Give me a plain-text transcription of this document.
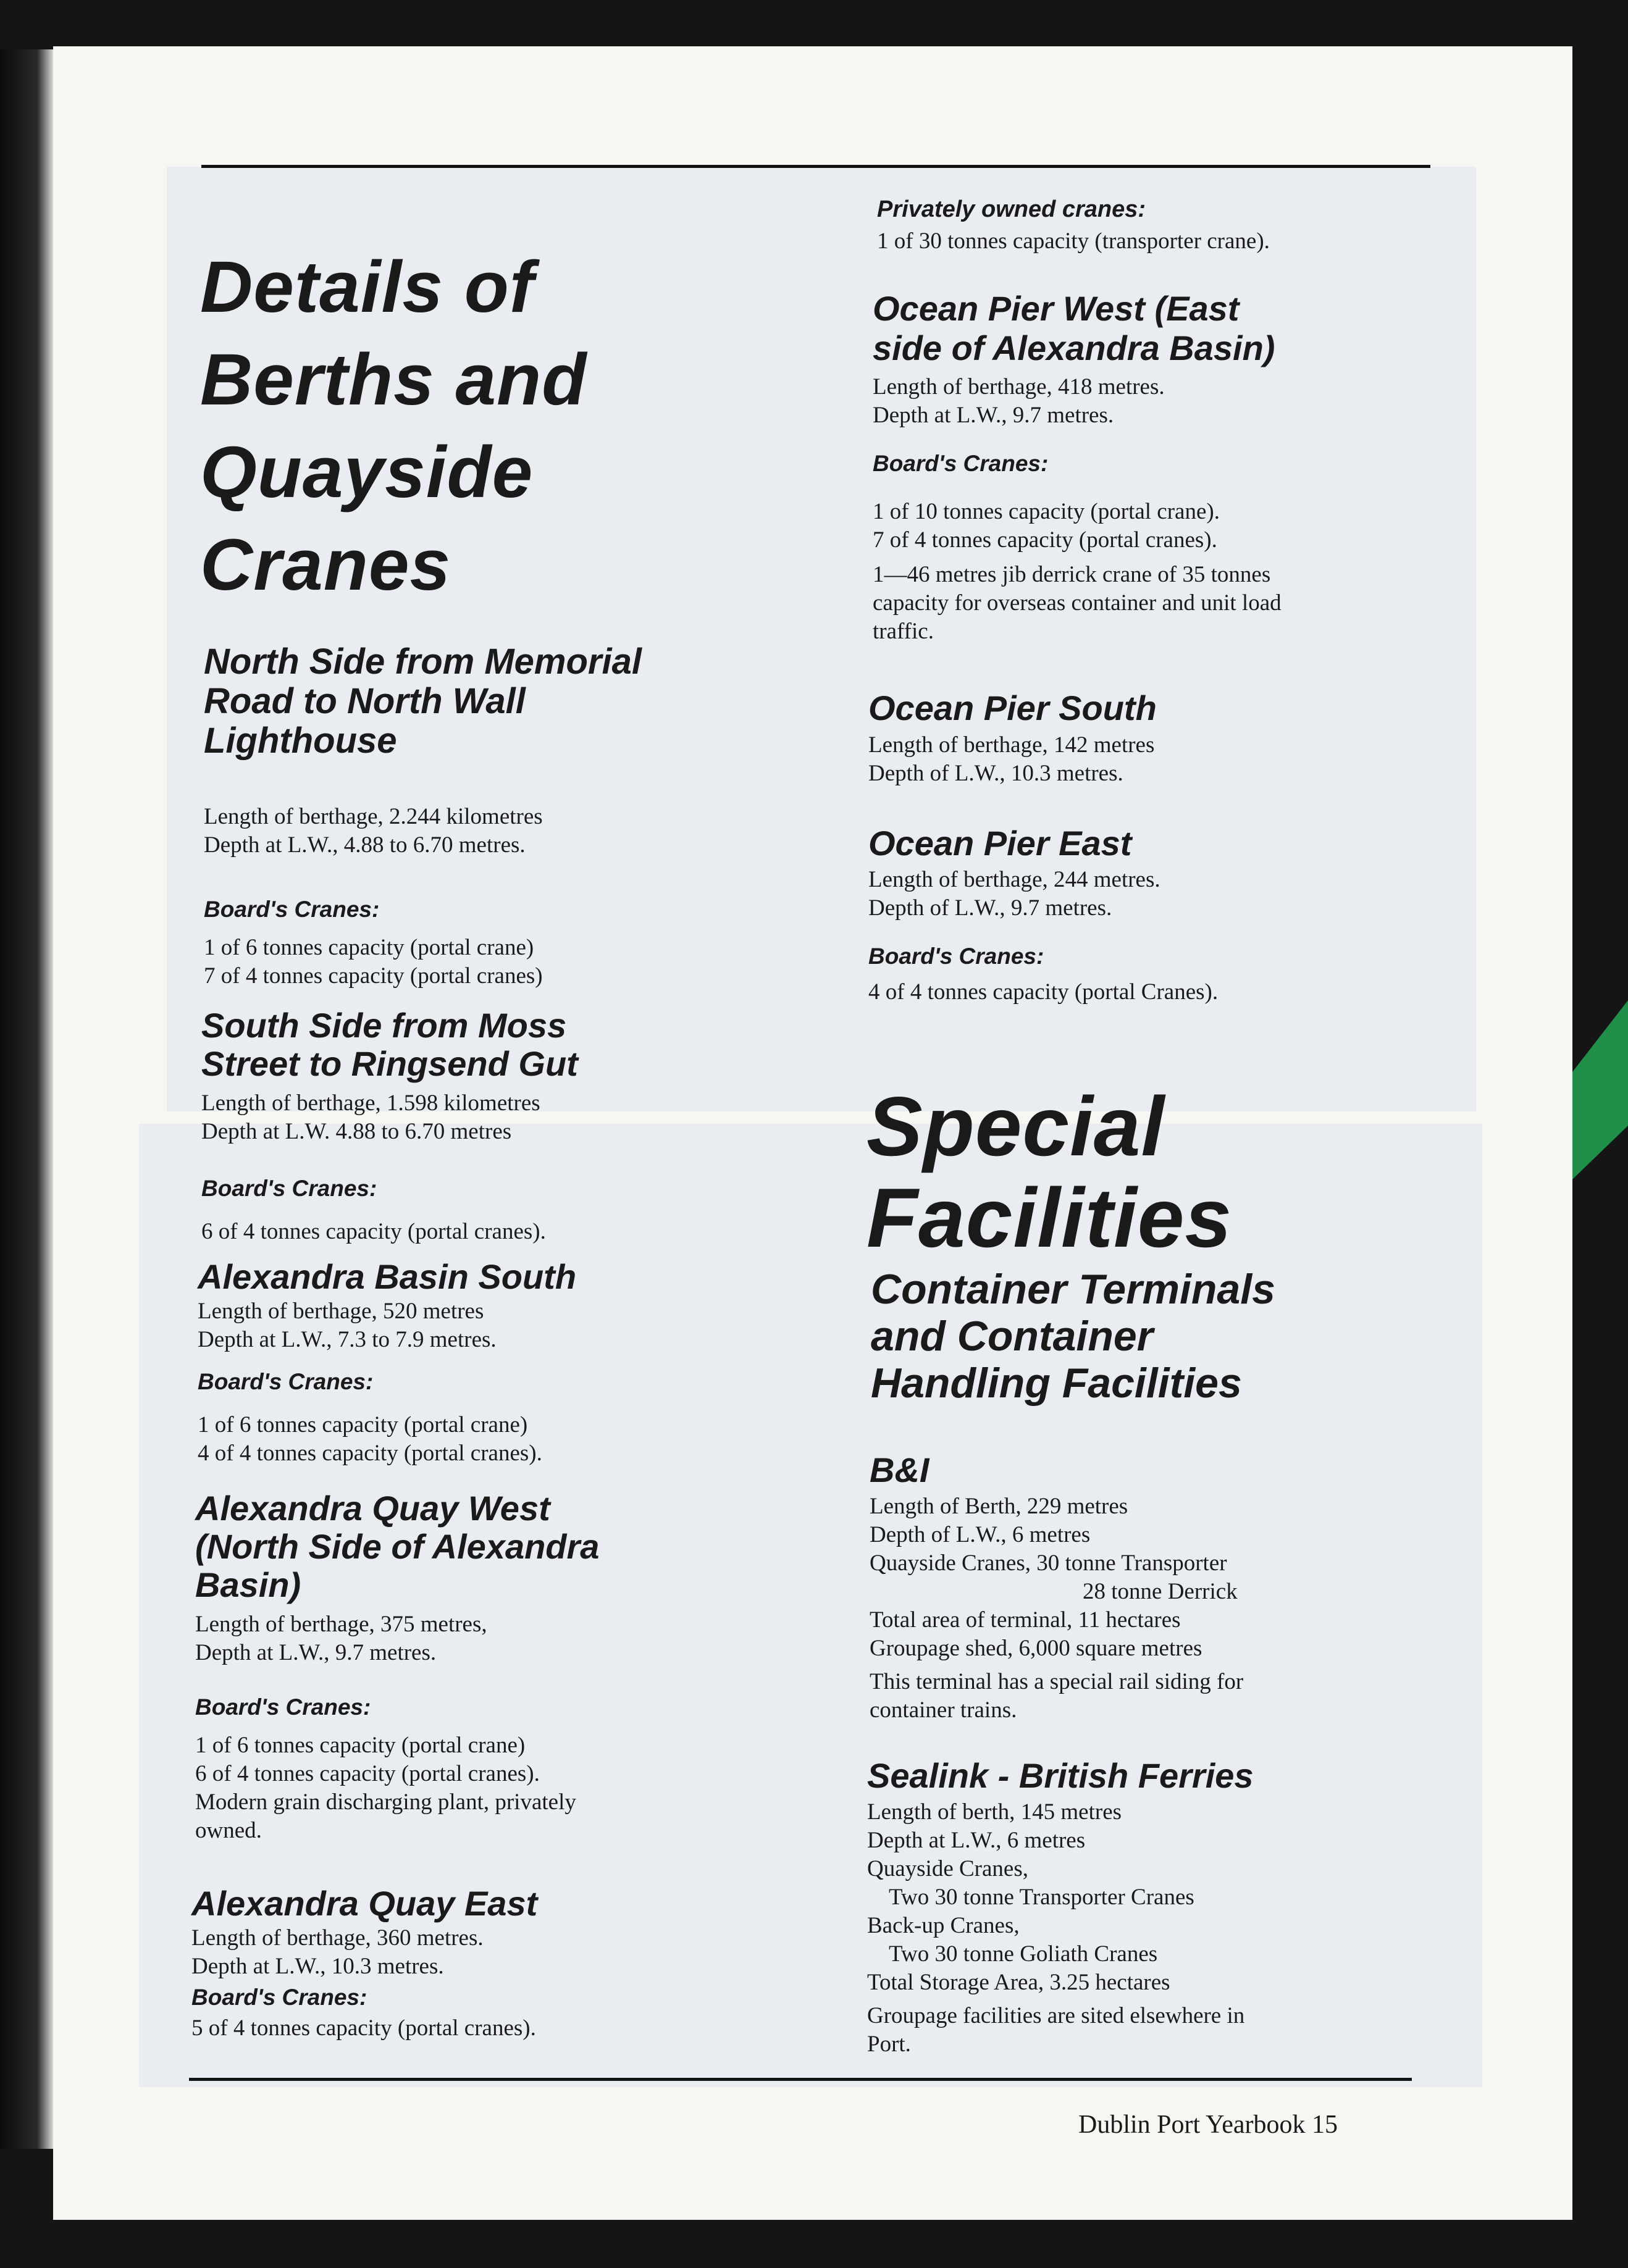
Details of

Berths and

Quayside

Cranes

North Side from Memorial

Road to North Wall

Lighthouse

Length of berthage, 2.244 kilometres

Depth at L.W., 4.88 to 6.70 metres.

Board's Cranes:

1 of 6 tonnes capacity (portal crane)

7 of 4 tonnes capacity (portal cranes)

South Side from Moss

Street to Ringsend Gut

Length of berthage, 1.598 kilometres

Depth at L.W. 4.88 to 6.70 metres

Board's Cranes:

6 of 4 tonnes capacity (portal cranes).

Alexandra Basin South

Length of berthage, 520 metres

Depth at L.W., 7.3 to 7.9 metres.

Board's Cranes:

1 of 6 tonnes capacity (portal crane)

4 of 4 tonnes capacity (portal cranes).

Alexandra Quay West

(North Side of Alexandra

Basin)

Length of berthage, 375 metres,

Depth at L.W., 9.7 metres.

Board's Cranes:

1 of 6 tonnes capacity (portal crane)

6 of 4 tonnes capacity (portal cranes).

Modern grain discharging plant, privately

owned.

Alexandra Quay East

Length of berthage, 360 metres.

Depth at L.W., 10.3 metres.

Board's Cranes:

5 of 4 tonnes capacity (portal cranes).

Privately owned cranes:

1 of 30 tonnes capacity (transporter crane).

Ocean Pier West (East

side of Alexandra Basin)

Length of berthage, 418 metres.

Depth at L.W., 9.7 metres.

Board's Cranes:

1 of 10 tonnes capacity (portal crane).

7 of 4 tonnes capacity (portal cranes).

1—46 metres jib derrick crane of 35 tonnes

capacity for overseas container and unit load

traffic.

Ocean Pier South

Length of berthage, 142 metres

Depth of L.W., 10.3 metres.

Ocean Pier East

Length of berthage, 244 metres.

Depth of L.W., 9.7 metres.

Board's Cranes:

4 of 4 tonnes capacity (portal Cranes).

Special

Facilities

Container Terminals

and Container

Handling Facilities

B&I

Length of Berth, 229 metres

Depth of L.W., 6 metres

Quayside Cranes, 30 tonne Transporter

28 tonne Derrick

Total area of terminal, 11 hectares

Groupage shed, 6,000 square metres

This terminal has a special rail siding for

container trains.

Sealink - British Ferries

Length of berth, 145 metres

Depth at L.W., 6 metres

Quayside Cranes,

Two 30 tonne Transporter Cranes

Back-up Cranes,

Two 30 tonne Goliath Cranes

Total Storage Area, 3.25 hectares

Groupage facilities are sited elsewhere in

Port.

Dublin Port Yearbook 15
